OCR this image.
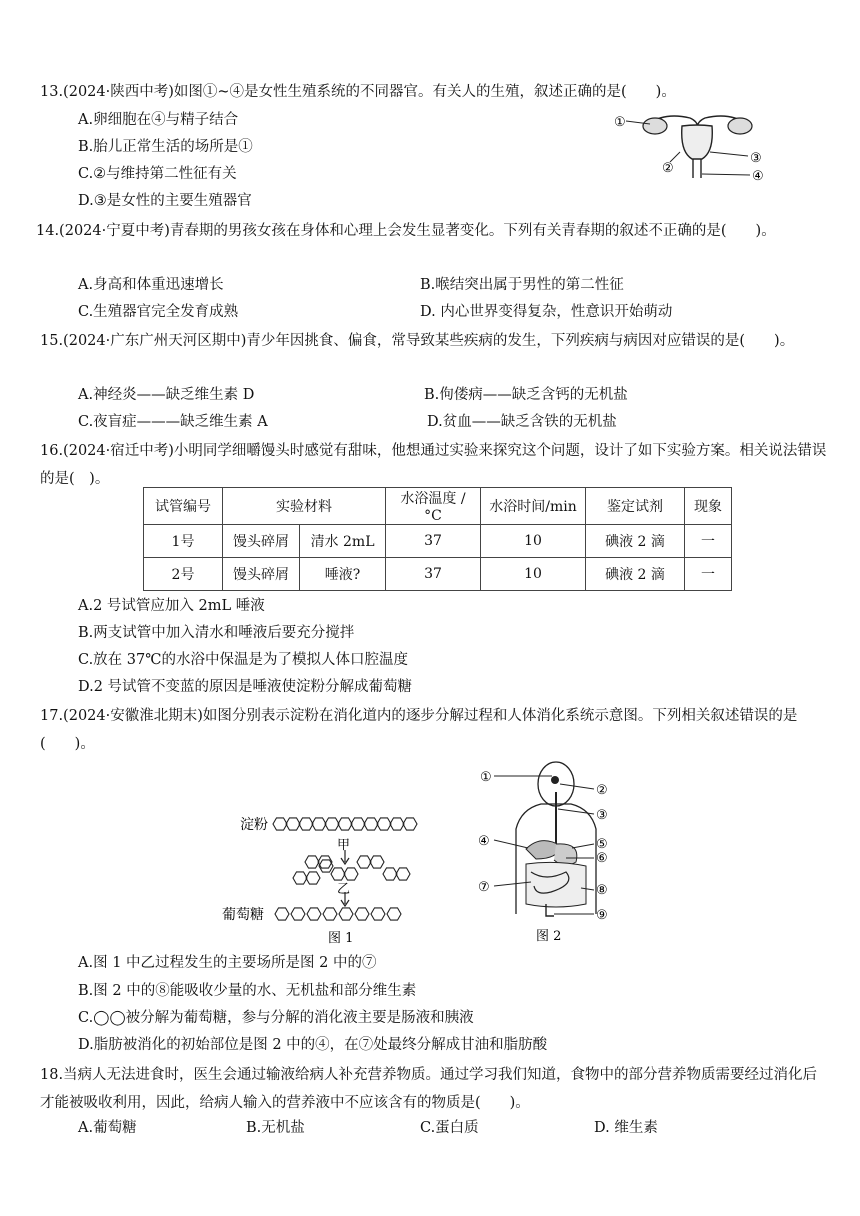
13.(2024·陕西中考)如图①~④是女性生殖系统的不同器官。有关人的生殖，叙述正确的是(　　)。
A.卵细胞在④与精子结合
B.胎儿正常生活的场所是①
C.②与维持第二性征有关
D.③是女性的主要生殖器官
①
②
③
④
14.(2024·宁夏中考)青春期的男孩女孩在身体和心理上会发生显著变化。下列有关青春期的叙述不正确的是(　　)。
A.身高和体重迅速增长	B.喉结突出属于男性的第二性征
C.生殖器官完全发育成熟	D. 内心世界变得复杂，性意识开始萌动
15.(2024·广东广州天河区期中)青少年因挑食、偏食，常导致某些疾病的发生，下列疾病与病因对应错误的是(　　)。
A.神经炎——缺乏维生素 D	B.佝偻病——缺乏含钙的无机盐
C.夜盲症———缺乏维生素 A	D.贫血——缺乏含铁的无机盐
16.(2024·宿迁中考)小明同学细嚼馒头时感觉有甜味，他想通过实验来探究这个问题，设计了如下实验方案。相关说法错误的是(　)。
试管编号	实验材料		水浴温度 /°C	水浴时间/min	鉴定试剂	现象
1号	馒头碎屑	清水 2mL	37	10	碘液 2 滴	一
2号	馒头碎屑	唾液?	37	10	碘液 2 滴	一
A.2 号试管应加入 2mL 唾液
B.两支试管中加入清水和唾液后要充分搅拌
C.放在 37℃的水浴中保温是为了模拟人体口腔温度
D.2 号试管不变蓝的原因是唾液使淀粉分解成葡萄糖
17.(2024·安徽淮北期末)如图分别表示淀粉在消化道内的逐步分解过程和人体消化系统示意图。下列相关叙述错误的是(　　)。
淀粉
甲
乙
葡萄糖
图 1
①
②
③
④	⑤
⑥
⑦	⑧
⑨
图 2
A.图 1 中乙过程发生的主要场所是图 2 中的⑦
B.图 2 中的⑧能吸收少量的水、无机盐和部分维生素
C.◯◯被分解为葡萄糖，参与分解的消化液主要是肠液和胰液
D.脂肪被消化的初始部位是图 2 中的④，在⑦处最终分解成甘油和脂肪酸
18.当病人无法进食时，医生会通过输液给病人补充营养物质。通过学习我们知道，食物中的部分营养物质需要经过消化后才能被吸收利用，因此，给病人输入的营养液中不应该含有的物质是(　　)。
A.葡萄糖	B.无机盐	C.蛋白质	D. 维生素
